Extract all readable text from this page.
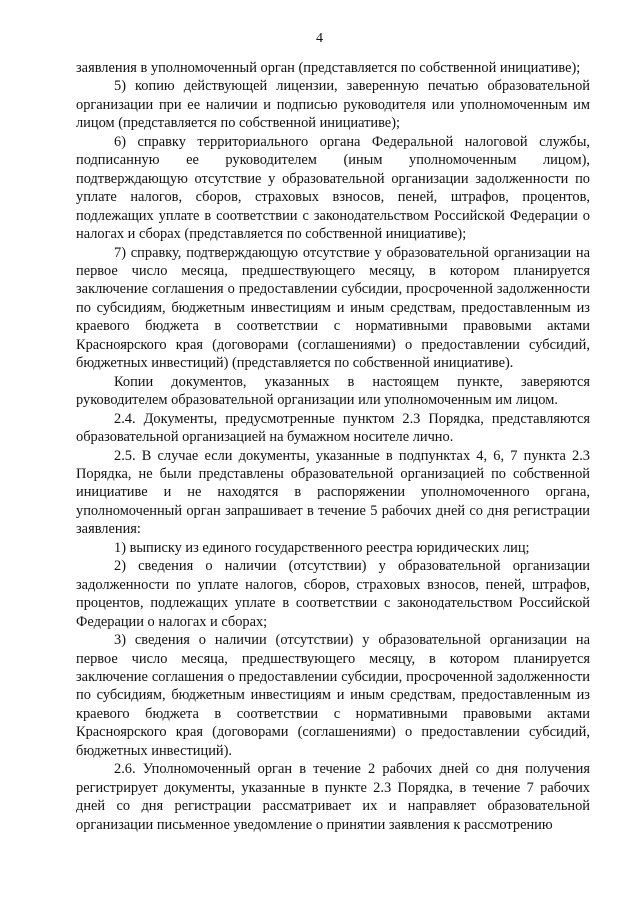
4

заявления в уполномоченный орган (представляется по собственной инициативе);

5) копию действующей лицензии, заверенную печатью образовательной организации при ее наличии и подписью руководителя или уполномоченным им лицом (представляется по собственной инициативе);

6) справку территориального органа Федеральной налоговой службы, подписанную ее руководителем (иным уполномоченным лицом), подтверждающую отсутствие у образовательной организации задолженности по уплате налогов, сборов, страховых взносов, пеней, штрафов, процентов, подлежащих уплате в соответствии с законодательством Российской Федерации о налогах и сборах (представляется по собственной инициативе);

7) справку, подтверждающую отсутствие у образовательной организации на первое число месяца, предшествующего месяцу, в котором планируется заключение соглашения о предоставлении субсидии, просроченной задолженности по субсидиям, бюджетным инвестициям и иным средствам, предоставленным из краевого бюджета в соответствии с нормативными правовыми актами Красноярского края (договорами (соглашениями) о предоставлении субсидий, бюджетных инвестиций) (представляется по собственной инициативе).

Копии документов, указанных в настоящем пункте, заверяются руководителем образовательной организации или уполномоченным им лицом.

2.4. Документы, предусмотренные пунктом 2.3 Порядка, представляются образовательной организацией на бумажном носителе лично.

2.5. В случае если документы, указанные в подпунктах 4, 6, 7 пункта 2.3 Порядка, не были представлены образовательной организацией по собственной инициативе и не находятся в распоряжении уполномоченного органа, уполномоченный орган запрашивает в течение 5 рабочих дней со дня регистрации заявления:

1) выписку из единого государственного реестра юридических лиц;

2) сведения о наличии (отсутствии) у образовательной организации задолженности по уплате налогов, сборов, страховых взносов, пеней, штрафов, процентов, подлежащих уплате в соответствии с законодательством Российской Федерации о налогах и сборах;

3) сведения о наличии (отсутствии) у образовательной организации на первое число месяца, предшествующего месяцу, в котором планируется заключение соглашения о предоставлении субсидии, просроченной задолженности по субсидиям, бюджетным инвестициям и иным средствам, предоставленным из краевого бюджета в соответствии с нормативными правовыми актами Красноярского края (договорами (соглашениями) о предоставлении субсидий, бюджетных инвестиций).

2.6. Уполномоченный орган в течение 2 рабочих дней со дня получения регистрирует документы, указанные в пункте 2.3 Порядка, в течение 7 рабочих дней со дня регистрации рассматривает их и направляет образовательной организации письменное уведомление о принятии заявления к рассмотрению
